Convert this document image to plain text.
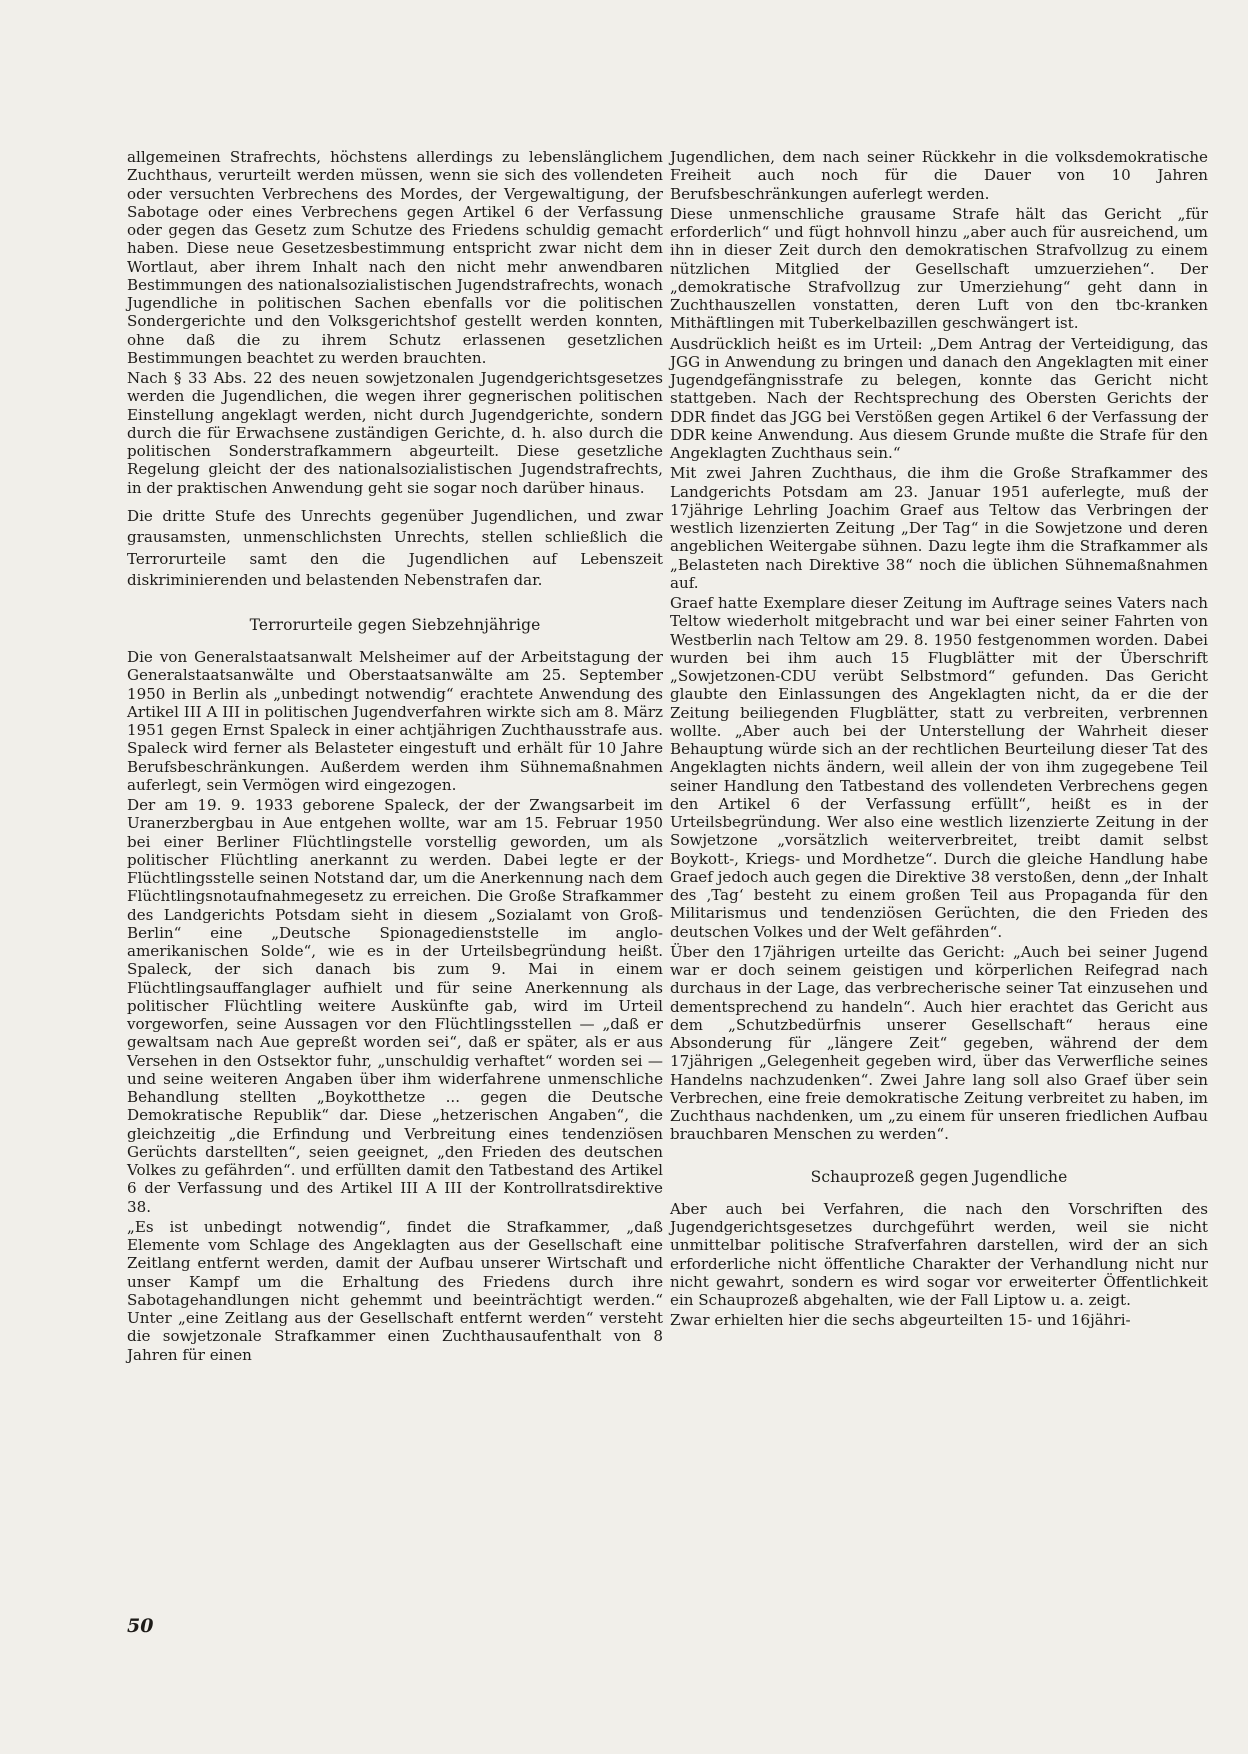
allgemeinen Strafrechts, höchstens allerdings zu lebenslänglichem Zuchthaus, verurteilt werden müssen, wenn sie sich des vollendeten oder versuchten Verbrechens des Mordes, der Vergewaltigung, der Sabotage oder eines Verbrechens gegen Artikel 6 der Verfassung oder gegen das Gesetz zum Schutze des Friedens schuldig gemacht haben. Diese neue Gesetzesbestimmung entspricht zwar nicht dem Wortlaut, aber ihrem Inhalt nach den nicht mehr anwendbaren Bestimmungen des nationalsozialistischen Jugendstrafrechts, wonach Jugendliche in politischen Sachen ebenfalls vor die politischen Sondergerichte und den Volksgerichtshof gestellt werden konnten, ohne daß die zu ihrem Schutz erlassenen gesetzlichen Bestimmungen beachtet zu werden brauchten.

Nach § 33 Abs. 22 des neuen sowjetzonalen Jugendgerichtsgesetzes werden die Jugendlichen, die wegen ihrer gegnerischen politischen Einstellung angeklagt werden, nicht durch Jugendgerichte, sondern durch die für Erwachsene zuständigen Gerichte, d. h. also durch die politischen Sonderstrafkammern abgeurteilt. Diese gesetzliche Regelung gleicht der des nationalsozialistischen Jugendstrafrechts, in der praktischen Anwendung geht sie sogar noch darüber hinaus.

Die dritte Stufe des Unrechts gegenüber Jugendlichen, und zwar grausamsten, unmenschlichsten Unrechts, stellen schließlich die Terrorurteile samt den die Jugendlichen auf Lebenszeit diskriminierenden und belastenden Nebenstrafen dar.

Terrorurteile gegen Siebzehnjährige

Die von Generalstaatsanwalt Melsheimer auf der Arbeitstagung der Generalstaatsanwälte und Oberstaatsanwälte am 25. September 1950 in Berlin als „unbedingt notwendig“ erachtete Anwendung des Artikel III A III in politischen Jugendverfahren wirkte sich am 8. März 1951 gegen Ernst Spaleck in einer achtjährigen Zuchthausstrafe aus. Spaleck wird ferner als Belasteter eingestuft und erhält für 10 Jahre Berufsbeschränkungen. Außerdem werden ihm Sühnemaßnahmen auferlegt, sein Vermögen wird eingezogen.

Der am 19. 9. 1933 geborene Spaleck, der der Zwangsarbeit im Uranerzbergbau in Aue entgehen wollte, war am 15. Februar 1950 bei einer Berliner Flüchtlingstelle vorstellig geworden, um als politischer Flüchtling anerkannt zu werden. Dabei legte er der Flüchtlingsstelle seinen Notstand dar, um die Anerkennung nach dem Flüchtlingsnotaufnahmegesetz zu erreichen. Die Große Strafkammer des Landgerichts Potsdam sieht in diesem „Sozialamt von Groß-Berlin“ eine „Deutsche Spionagedienststelle im anglo-amerikanischen Solde“, wie es in der Urteilsbegründung heißt. Spaleck, der sich danach bis zum 9. Mai in einem Flüchtlingsauffanglager aufhielt und für seine Anerkennung als politischer Flüchtling weitere Auskünfte gab, wird im Urteil vorgeworfen, seine Aussagen vor den Flüchtlingsstellen — „daß er gewaltsam nach Aue gepreßt worden sei“, daß er später, als er aus Versehen in den Ostsektor fuhr, „unschuldig verhaftet“ worden sei — und seine weiteren Angaben über ihm widerfahrene unmenschliche Behandlung stellten „Boykotthetze ... gegen die Deutsche Demokratische Republik“ dar. Diese „hetzerischen Angaben“, die gleichzeitig „die Erfindung und Verbreitung eines tendenziösen Gerüchts darstellten“, seien geeignet, „den Frieden des deutschen Volkes zu gefährden“. und erfüllten damit den Tatbestand des Artikel 6 der Verfassung und des Artikel III A III der Kontrollratsdirektive 38.

„Es ist unbedingt notwendig“, findet die Strafkammer, „daß Elemente vom Schlage des Angeklagten aus der Gesellschaft eine Zeitlang entfernt werden, damit der Aufbau unserer Wirtschaft und unser Kampf um die Erhaltung des Friedens durch ihre Sabotagehandlungen nicht gehemmt und beeinträchtigt werden.“ Unter „eine Zeitlang aus der Gesellschaft entfernt werden“ versteht die sowjetzonale Strafkammer einen Zuchthausaufenthalt von 8 Jahren für einen

Jugendlichen, dem nach seiner Rückkehr in die volksdemokratische Freiheit auch noch für die Dauer von 10 Jahren Berufsbeschränkungen auferlegt werden.

Diese unmenschliche grausame Strafe hält das Gericht „für erforderlich“ und fügt hohnvoll hinzu „aber auch für ausreichend, um ihn in dieser Zeit durch den demokratischen Strafvollzug zu einem nützlichen Mitglied der Gesellschaft umzuerziehen“. Der „demokratische Strafvollzug zur Umerziehung“ geht dann in Zuchthauszellen vonstatten, deren Luft von den tbc-kranken Mithäftlingen mit Tuberkelbazillen geschwängert ist.

Ausdrücklich heißt es im Urteil: „Dem Antrag der Verteidigung, das JGG in Anwendung zu bringen und danach den Angeklagten mit einer Jugendgefängnisstrafe zu belegen, konnte das Gericht nicht stattgeben. Nach der Rechtsprechung des Obersten Gerichts der DDR findet das JGG bei Verstößen gegen Artikel 6 der Verfassung der DDR keine Anwendung. Aus diesem Grunde mußte die Strafe für den Angeklagten Zuchthaus sein.“

Mit zwei Jahren Zuchthaus, die ihm die Große Strafkammer des Landgerichts Potsdam am 23. Januar 1951 auferlegte, muß der 17jährige Lehrling Joachim Graef aus Teltow das Verbringen der westlich lizenzierten Zeitung „Der Tag“ in die Sowjetzone und deren angeblichen Weitergabe sühnen. Dazu legte ihm die Strafkammer als „Belasteten nach Direktive 38“ noch die üblichen Sühnemaßnahmen auf.

Graef hatte Exemplare dieser Zeitung im Auftrage seines Vaters nach Teltow wiederholt mitgebracht und war bei einer seiner Fahrten von Westberlin nach Teltow am 29. 8. 1950 festgenommen worden. Dabei wurden bei ihm auch 15 Flugblätter mit der Überschrift „Sowjetzonen-CDU verübt Selbstmord“ gefunden. Das Gericht glaubte den Einlassungen des Angeklagten nicht, da er die der Zeitung beiliegenden Flugblätter, statt zu verbreiten, verbrennen wollte. „Aber auch bei der Unterstellung der Wahrheit dieser Behauptung würde sich an der rechtlichen Beurteilung dieser Tat des Angeklagten nichts ändern, weil allein der von ihm zugegebene Teil seiner Handlung den Tatbestand des vollendeten Verbrechens gegen den Artikel 6 der Verfassung erfüllt“, heißt es in der Urteilsbegründung. Wer also eine westlich lizenzierte Zeitung in der Sowjetzone „vorsätzlich weiterverbreitet, treibt damit selbst Boykott-, Kriegs- und Mordhetze“. Durch die gleiche Handlung habe Graef jedoch auch gegen die Direktive 38 verstoßen, denn „der Inhalt des ‚Tag‘ besteht zu einem großen Teil aus Propaganda für den Militarismus und tendenziösen Gerüchten, die den Frieden des deutschen Volkes und der Welt gefährden“.

Über den 17jährigen urteilte das Gericht: „Auch bei seiner Jugend war er doch seinem geistigen und körperlichen Reifegrad nach durchaus in der Lage, das verbrecherische seiner Tat einzusehen und dementsprechend zu handeln“. Auch hier erachtet das Gericht aus dem „Schutzbedürfnis unserer Gesellschaft“ heraus eine Absonderung für „längere Zeit“ gegeben, während der dem 17jährigen „Gelegenheit gegeben wird, über das Verwerfliche seines Handelns nachzudenken“. Zwei Jahre lang soll also Graef über sein Verbrechen, eine freie demokratische Zeitung verbreitet zu haben, im Zuchthaus nachdenken, um „zu einem für unseren friedlichen Aufbau brauchbaren Menschen zu werden“.

Schauprozeß gegen Jugendliche

Aber auch bei Verfahren, die nach den Vorschriften des Jugendgerichtsgesetzes durchgeführt werden, weil sie nicht unmittelbar politische Strafverfahren darstellen, wird der an sich erforderliche nicht öffentliche Charakter der Verhandlung nicht nur nicht gewahrt, sondern es wird sogar vor erweiterter Öffentlichkeit ein Schauprozeß abgehalten, wie der Fall Liptow u. a. zeigt.

Zwar erhielten hier die sechs abgeurteilten 15- und 16jähri-

50
